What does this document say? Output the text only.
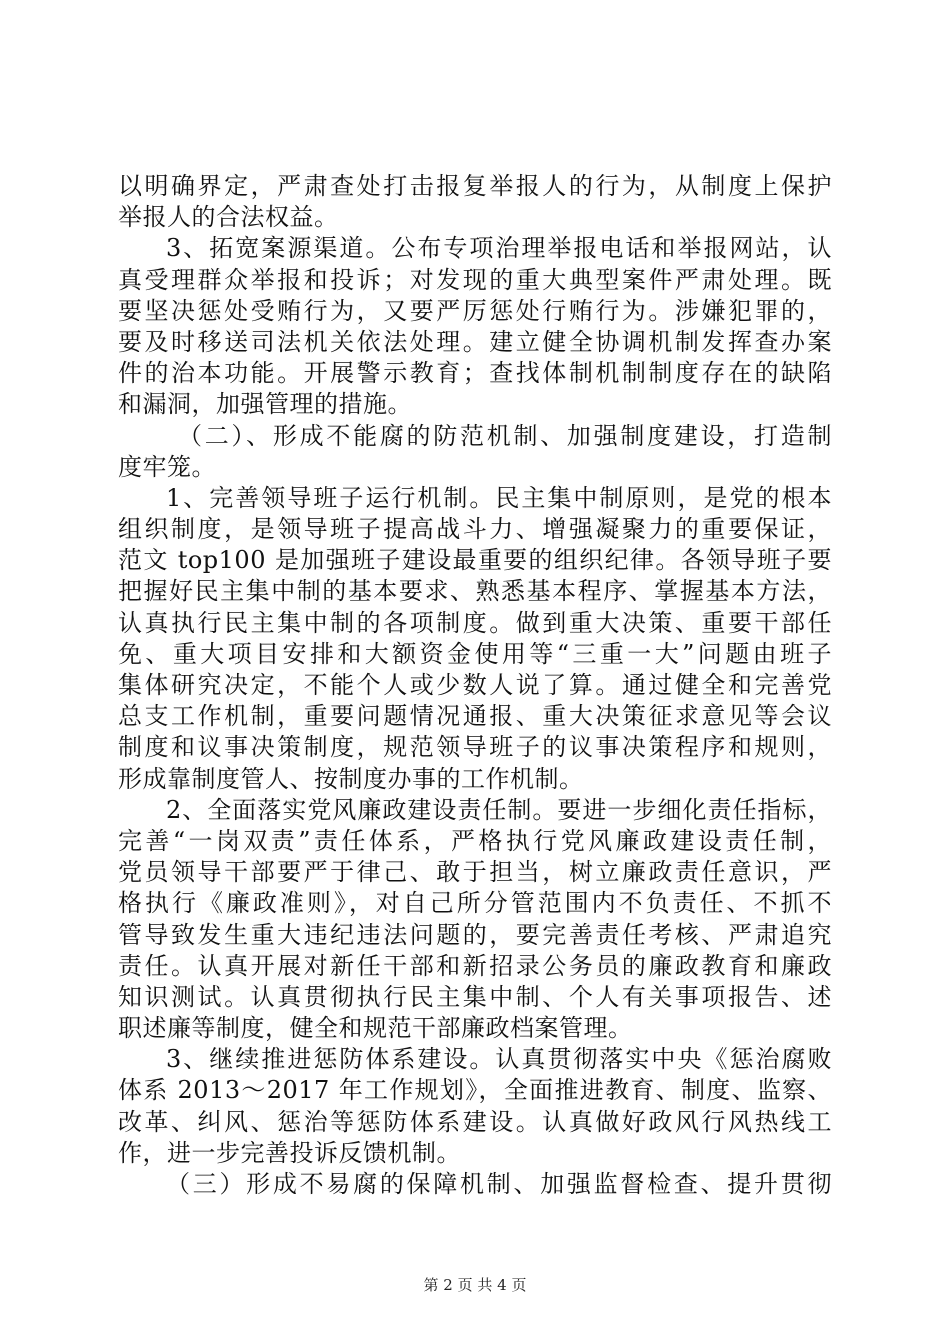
以明确界定，严肃查处打击报复举报人的行为，从制度上保护
举报人的合法权益。
3、拓宽案源渠道。公布专项治理举报电话和举报网站，认
真受理群众举报和投诉；对发现的重大典型案件严肃处理。既
要坚决惩处受贿行为，又要严厉惩处行贿行为。涉嫌犯罪的，
要及时移送司法机关依法处理。建立健全协调机制发挥查办案
件的治本功能。开展警示教育；查找体制机制制度存在的缺陷
和漏洞，加强管理的措施。
（二）、形成不能腐的防范机制、加强制度建设，打造制
度牢笼。
1、完善领导班子运行机制。民主集中制原则，是党的根本
组织制度，是领导班子提高战斗力、增强凝聚力的重要保证，
范文 top100 是加强班子建设最重要的组织纪律。各领导班子要
把握好民主集中制的基本要求、熟悉基本程序、掌握基本方法，
认真执行民主集中制的各项制度。做到重大决策、重要干部任
免、重大项目安排和大额资金使用等“三重一大”问题由班子
集体研究决定，不能个人或少数人说了算。通过健全和完善党
总支工作机制，重要问题情况通报、重大决策征求意见等会议
制度和议事决策制度，规范领导班子的议事决策程序和规则，
形成靠制度管人、按制度办事的工作机制。
2、全面落实党风廉政建设责任制。要进一步细化责任指标，
完善“一岗双责”责任体系，严格执行党风廉政建设责任制，
党员领导干部要严于律己、敢于担当，树立廉政责任意识，严
格执行《廉政准则》，对自己所分管范围内不负责任、不抓不
管导致发生重大违纪违法问题的，要完善责任考核、严肃追究
责任。认真开展对新任干部和新招录公务员的廉政教育和廉政
知识测试。认真贯彻执行民主集中制、个人有关事项报告、述
职述廉等制度，健全和规范干部廉政档案管理。
3、继续推进惩防体系建设。认真贯彻落实中央《惩治腐败
体系 2013～2017 年工作规划》，全面推进教育、制度、监察、
改革、纠风、惩治等惩防体系建设。认真做好政风行风热线工
作，进一步完善投诉反馈机制。
（三）形成不易腐的保障机制、加强监督检查、提升贯彻
第 2 页 共 4 页
